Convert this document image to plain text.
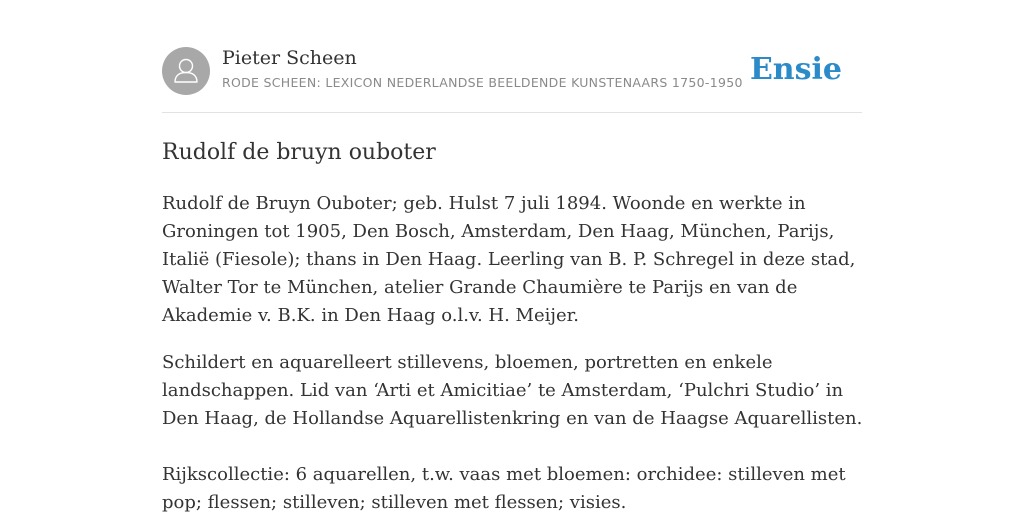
Pieter Scheen
RODE SCHEEN: LEXICON NEDERLANDSE BEELDENDE KUNSTENAARS 1750-1950 Ensie
Rudolf de bruyn ouboter

Rudolf de Bruyn Ouboter; geb. Hulst 7 juli 1894. Woonde en werkte in Groningen tot 1905, Den Bosch, Amsterdam, Den Haag, München, Parijs, Italië (Fiesole); thans in Den Haag. Leerling van B. P. Schregel in deze stad, Walter Tor te München, atelier Grande Chaumière te Parijs en van de Akademie v. B.K. in Den Haag o.l.v. H. Meijer.

Schildert en aquarelleert stillevens, bloemen, portretten en enkele landschappen. Lid van ‘Arti et Amicitiae’ te Amsterdam, ‘Pulchri Studio’ in Den Haag, de Hollandse Aquarellistenkring en van de Haagse Aquarellisten.

Rijkscollectie: 6 aquarellen, t.w. vaas met bloemen: orchidee: stilleven met pop; flessen; stilleven; stilleven met flessen; visies.
